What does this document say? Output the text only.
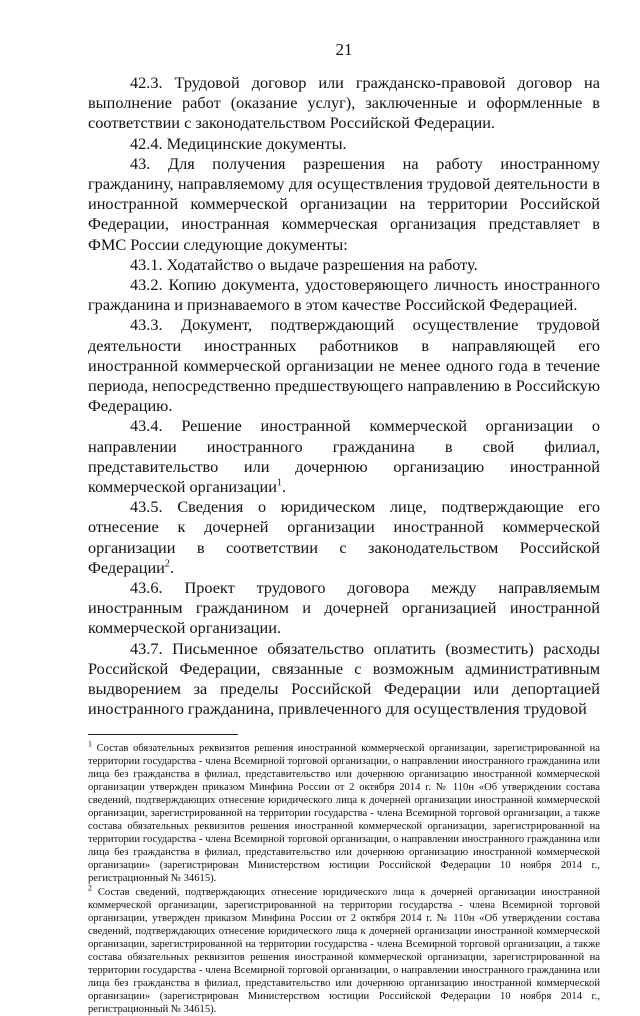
21

42.3. Трудовой договор или гражданско-правовой договор на выполнение работ (оказание услуг), заключенные и оформленные в соответствии с законодательством Российской Федерации.

42.4. Медицинские документы.

43. Для получения разрешения на работу иностранному гражданину, направляемому для осуществления трудовой деятельности в иностранной коммерческой организации на территории Российской Федерации, иностранная коммерческая организация представляет в ФМС России следующие документы:

43.1. Ходатайство о выдаче разрешения на работу.

43.2. Копию документа, удостоверяющего личность иностранного гражданина и признаваемого в этом качестве Российской Федерацией.

43.3. Документ, подтверждающий осуществление трудовой деятельности иностранных работников в направляющей его иностранной коммерческой организации не менее одного года в течение периода, непосредственно предшествующего направлению в Российскую Федерацию.

43.4. Решение иностранной коммерческой организации о направлении иностранного гражданина в свой филиал, представительство или дочернюю организацию иностранной коммерческой организации$^1$.

43.5. Сведения о юридическом лице, подтверждающие его отнесение к дочерней организации иностранной коммерческой организации в соответствии с законодательством Российской Федерации$^2$.

43.6. Проект трудового договора между направляемым иностранным гражданином и дочерней организацией иностранной коммерческой организации.

43.7. Письменное обязательство оплатить (возместить) расходы Российской Федерации, связанные с возможным административным выдворением за пределы Российской Федерации или депортацией иностранного гражданина, привлеченного для осуществления трудовой

$^1$ Состав обязательных реквизитов решения иностранной коммерческой организации, зарегистрированной на территории государства - члена Всемирной торговой организации, о направлении иностранного гражданина или лица без гражданства в филиал, представительство или дочернюю организацию иностранной коммерческой организации утвержден приказом Минфина России от 2 октября 2014 г. № 110н «Об утверждении состава сведений, подтверждающих отнесение юридического лица к дочерней организации иностранной коммерческой организации, зарегистрированной на территории государства - члена Всемирной торговой организации, а также состава обязательных реквизитов решения иностранной коммерческой организации, зарегистрированной на территории государства - члена Всемирной торговой организации, о направлении иностранного гражданина или лица без гражданства в филиал, представительство или дочернюю организацию иностранной коммерческой организации» (зарегистрирован Министерством юстиции Российской Федерации 10 ноября 2014 г., регистрационный № 34615).

$^2$ Состав сведений, подтверждающих отнесение юридического лица к дочерней организации иностранной коммерческой организации, зарегистрированной на территории государства - члена Всемирной торговой организации, утвержден приказом Минфина России от 2 октября 2014 г. № 110н «Об утверждении состава сведений, подтверждающих отнесение юридического лица к дочерней организации иностранной коммерческой организации, зарегистрированной на территории государства - члена Всемирной торговой организации, а также состава обязательных реквизитов решения иностранной коммерческой организации, зарегистрированной на территории государства - члена Всемирной торговой организации, о направлении иностранного гражданина или лица без гражданства в филиал, представительство или дочернюю организацию иностранной коммерческой организации» (зарегистрирован Министерством юстиции Российской Федерации 10 ноября 2014 г., регистрационный № 34615).
